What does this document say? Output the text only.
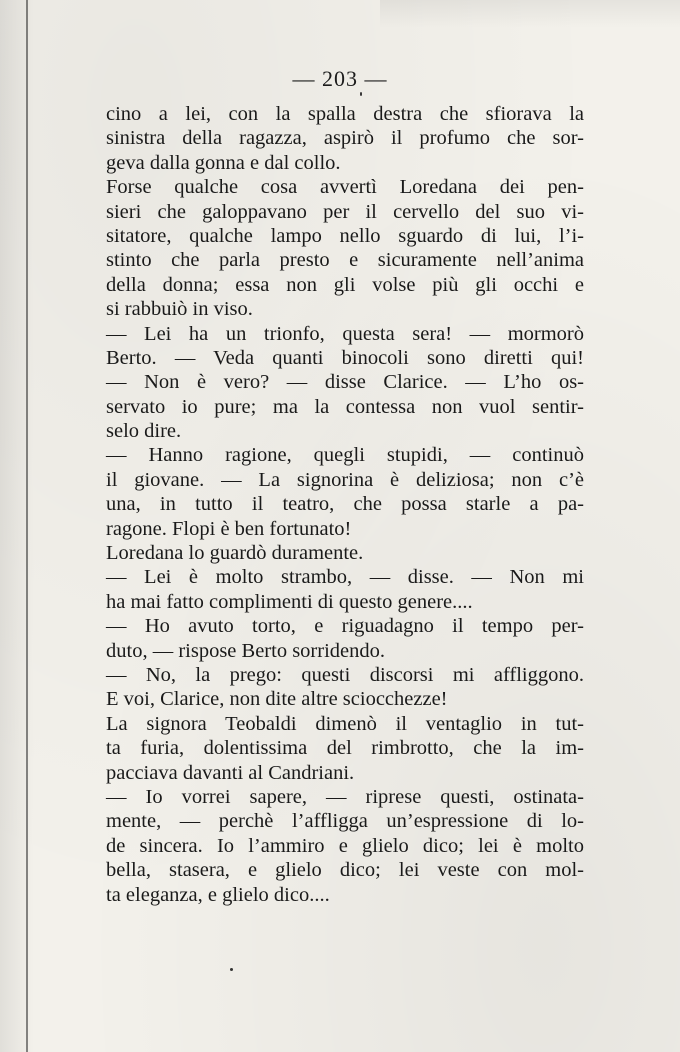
— 203 —
cino a lei, con la spalla destra che sfiorava la
sinistra della ragazza, aspirò il profumo che sor-
geva dalla gonna e dal collo.
Forse qualche cosa avvertì Loredana dei pen-
sieri che galoppavano per il cervello del suo vi-
sitatore, qualche lampo nello sguardo di lui, l’i-
stinto che parla presto e sicuramente nell’anima
della donna; essa non gli volse più gli occhi e
si rabbuiò in viso.
— Lei ha un trionfo, questa sera! — mormorò
Berto. — Veda quanti binocoli sono diretti qui!
— Non è vero? — disse Clarice. — L’ho os-
servato io pure; ma la contessa non vuol sentir-
selo dire.
— Hanno ragione, quegli stupidi, — continuò
il giovane. — La signorina è deliziosa; non c’è
una, in tutto il teatro, che possa starle a pa-
ragone. Flopi è ben fortunato!
Loredana lo guardò duramente.
— Lei è molto strambo, — disse. — Non mi
ha mai fatto complimenti di questo genere....
— Ho avuto torto, e riguadagno il tempo per-
duto, — rispose Berto sorridendo.
— No, la prego: questi discorsi mi affliggono.
E voi, Clarice, non dite altre sciocchezze!
La signora Teobaldi dimenò il ventaglio in tut-
ta furia, dolentissima del rimbrotto, che la im-
pacciava davanti al Candriani.
— Io vorrei sapere, — riprese questi, ostinata-
mente, — perchè l’affligga un’espressione di lo-
de sincera. Io l’ammiro e glielo dico; lei è molto
bella, stasera, e glielo dico; lei veste con mol-
ta eleganza, e glielo dico....
